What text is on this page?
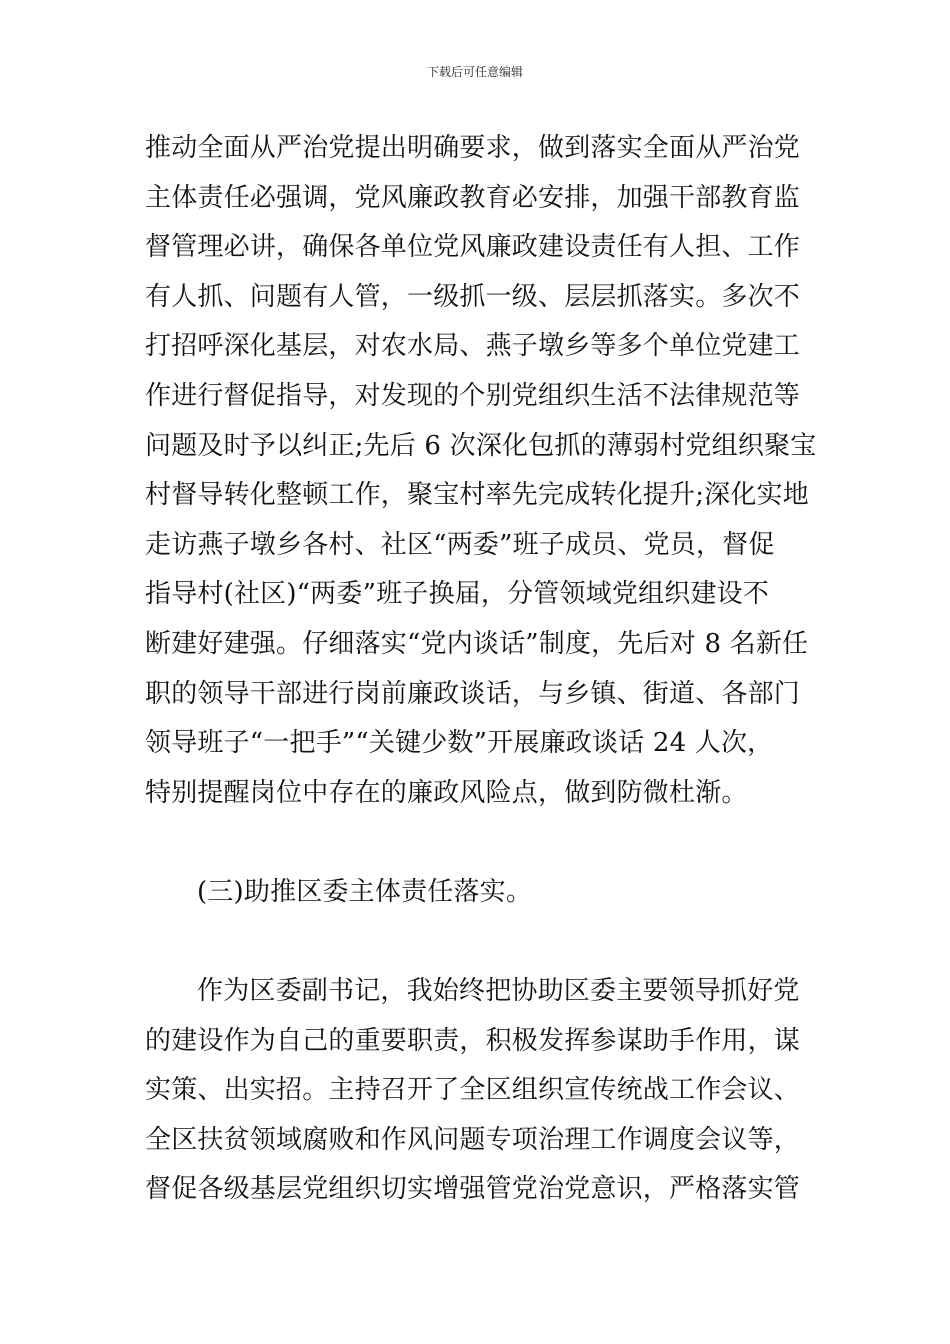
下载后可任意编辑
推动全面从严治党提出明确要求，做到落实全面从严治党
主体责任必强调，党风廉政教育必安排，加强干部教育监
督管理必讲，确保各单位党风廉政建设责任有人担、工作
有人抓、问题有人管，一级抓一级、层层抓落实。多次不
打招呼深化基层，对农水局、燕子墩乡等多个单位党建工
作进行督促指导，对发现的个别党组织生活不法律规范等
问题及时予以纠正;先后 6 次深化包抓的薄弱村党组织聚宝
村督导转化整顿工作，聚宝村率先完成转化提升;深化实地
走访燕子墩乡各村、社区“两委”班子成员、党员，督促
指导村(社区)“两委”班子换届，分管领域党组织建设不
断建好建强。仔细落实“党内谈话”制度，先后对 8 名新任
职的领导干部进行岗前廉政谈话，与乡镇、街道、各部门
领导班子“一把手”“关键少数”开展廉政谈话 24 人次，
特别提醒岗位中存在的廉政风险点，做到防微杜渐。
(三)助推区委主体责任落实。
作为区委副书记，我始终把协助区委主要领导抓好党
的建设作为自己的重要职责，积极发挥参谋助手作用，谋
实策、出实招。主持召开了全区组织宣传统战工作会议、
全区扶贫领域腐败和作风问题专项治理工作调度会议等，
督促各级基层党组织切实增强管党治党意识，严格落实管
